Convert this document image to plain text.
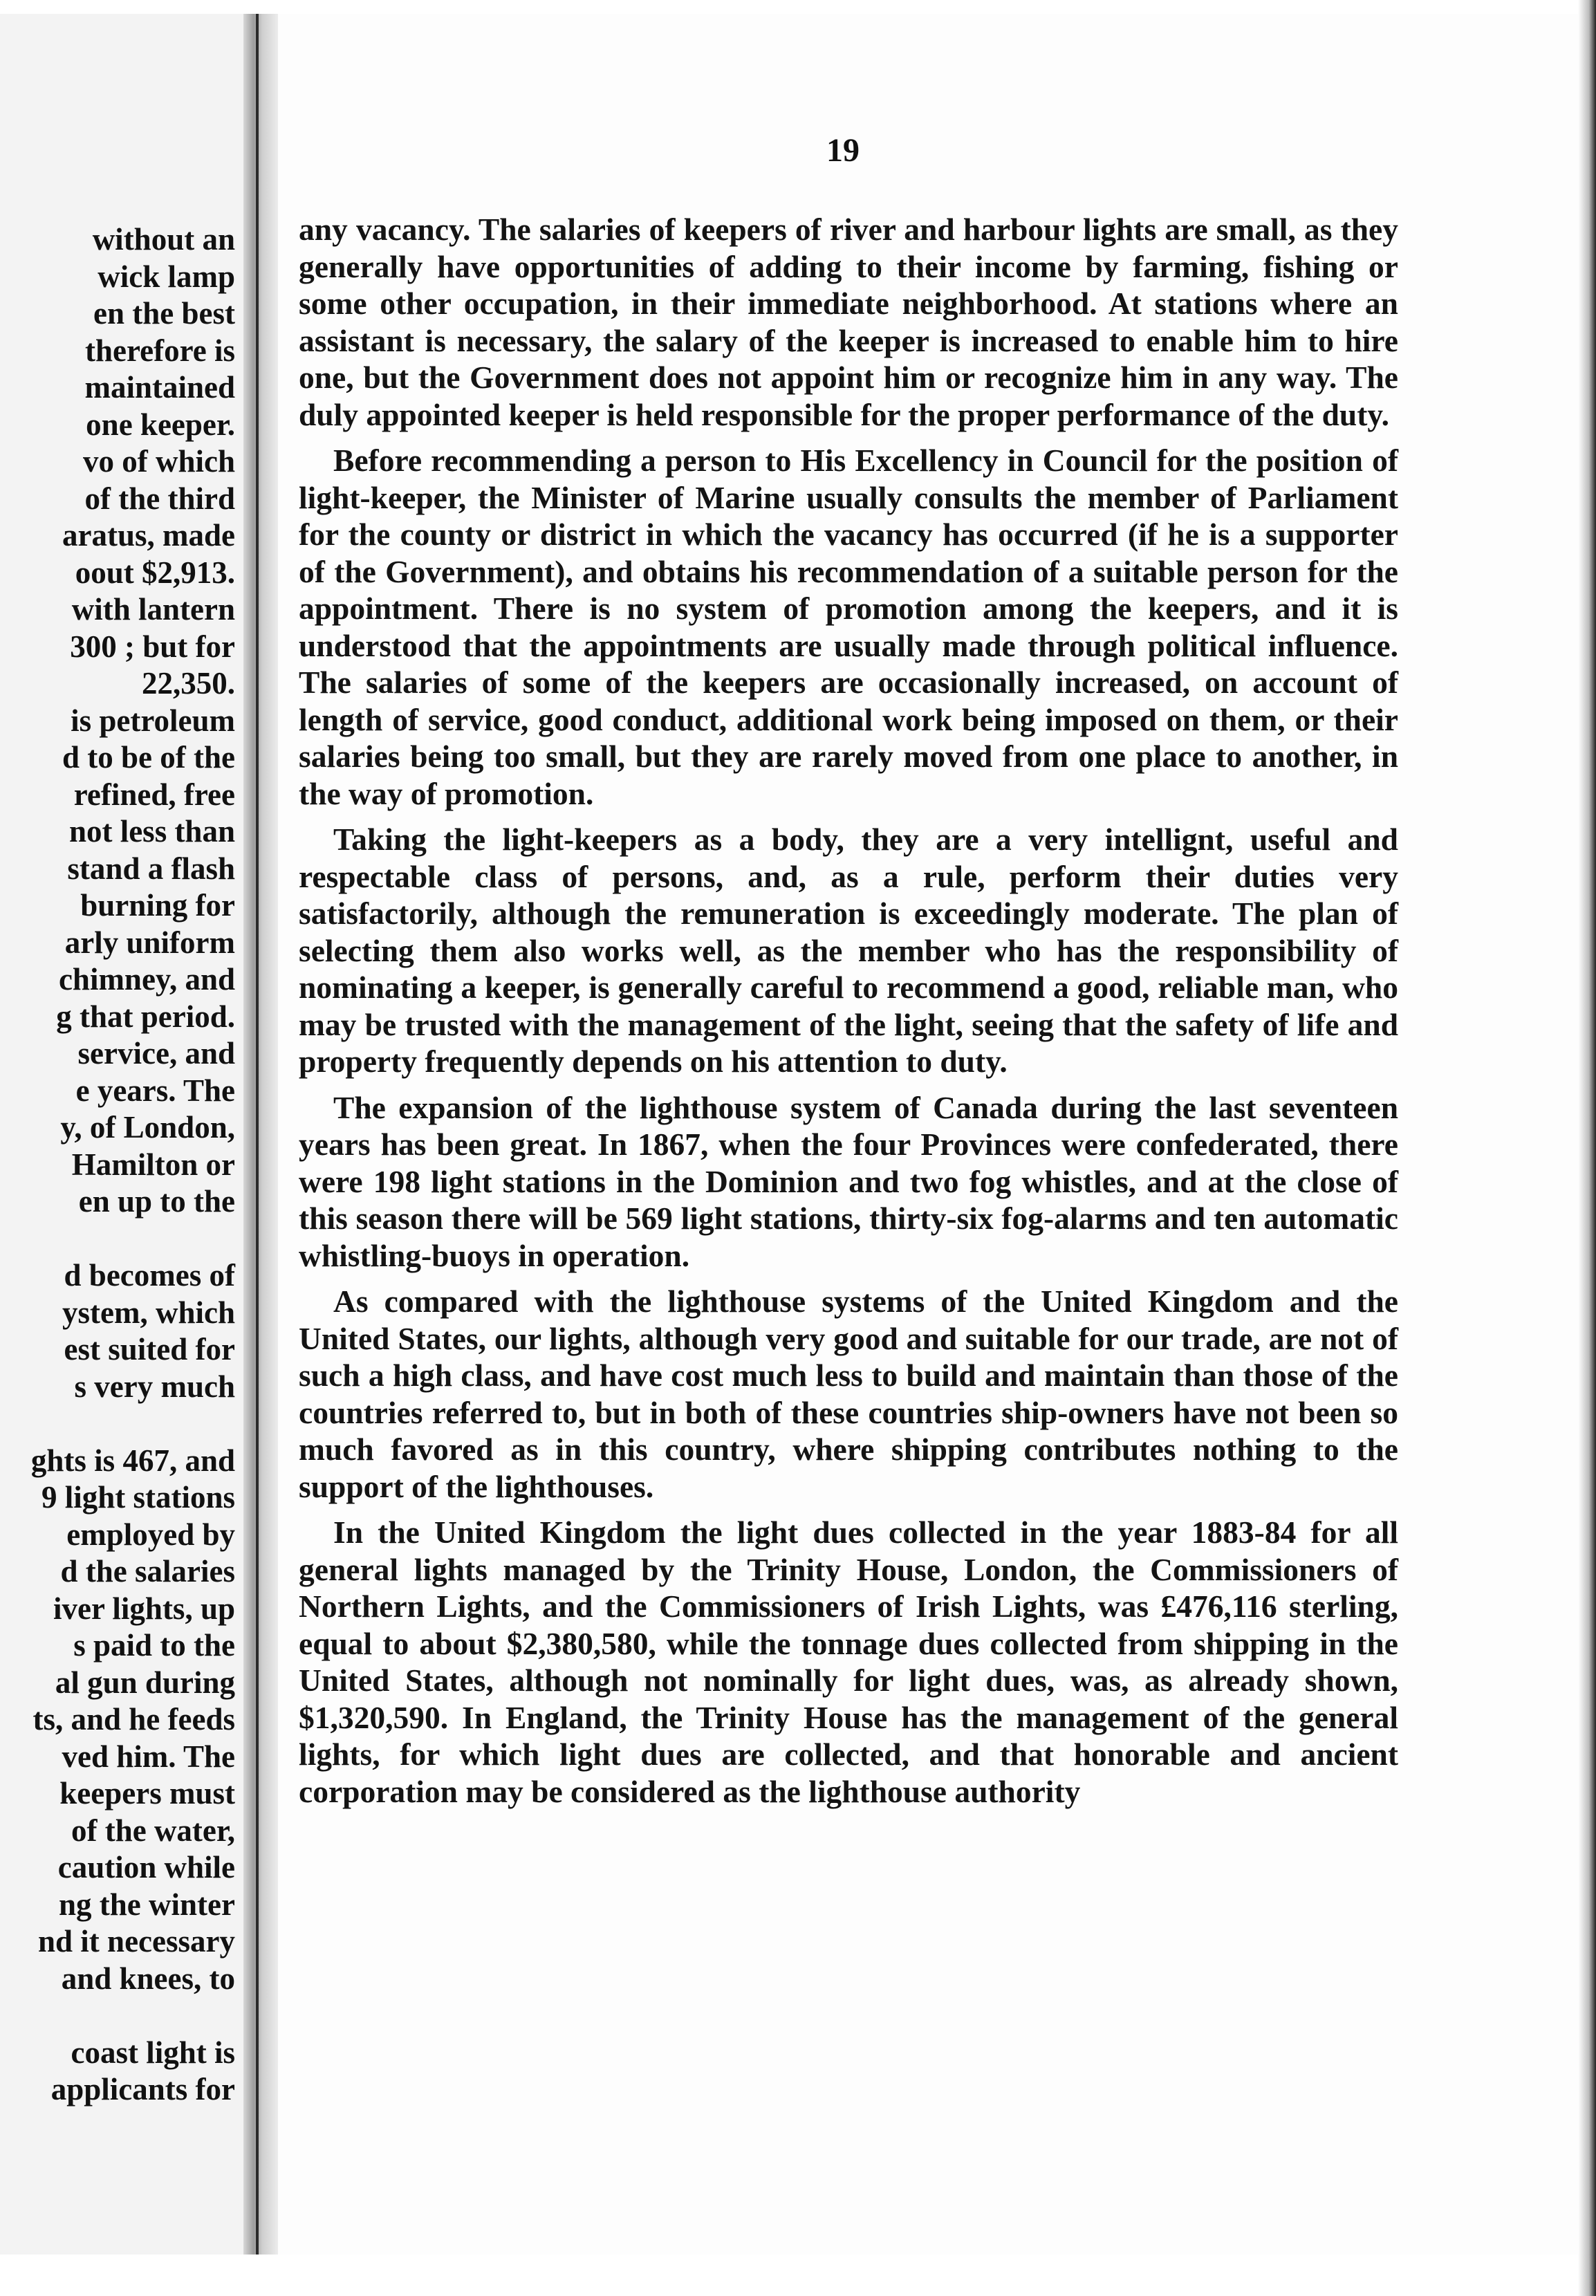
without an
wick lamp
en the best
therefore is
maintained
one keeper.
vo of which
of the third
aratus, made
oout $2,913.
with lantern
300 ; but for
22,350.
is petroleum
d to be of the
refined, free
not less than
stand a flash
burning for
arly uniform
chimney, and
g that period.
service, and
e years. The
y, of London,
Hamilton or
en up to the
d becomes of
ystem, which
est suited for
s very much
ghts is 467, and
9 light stations
employed by
d the salaries
iver lights, up
s paid to the
al gun during
ts, and he feeds
ved him. The
keepers must
of the water,
caution while
ng the winter
nd it necessary
and knees, to
coast light is
applicants for
19

any vacancy. The salaries of keepers of river and harbour lights are small, as they generally have opportunities of adding to their income by farming, fishing or some other occupation, in their immediate neighborhood. At stations where an assistant is necessary, the salary of the keeper is increased to enable him to hire one, but the Government does not appoint him or recognize him in any way. The duly appointed keeper is held responsible for the proper performance of the duty.

Before recommending a person to His Excellency in Council for the position of light-keeper, the Minister of Marine usually consults the member of Parliament for the county or district in which the vacancy has occurred (if he is a supporter of the Government), and obtains his recommendation of a suitable person for the appointment. There is no system of promotion among the keepers, and it is understood that the appointments are usually made through political influence. The salaries of some of the keepers are occasionally increased, on account of length of service, good conduct, additional work being imposed on them, or their salaries being too small, but they are rarely moved from one place to another, in the way of promotion.

Taking the light-keepers as a body, they are a very intellignt, useful and respectable class of persons, and, as a rule, perform their duties very satisfactorily, although the remuneration is exceedingly moderate. The plan of selecting them also works well, as the member who has the responsibility of nominating a keeper, is generally careful to recommend a good, reliable man, who may be trusted with the management of the light, seeing that the safety of life and property frequently depends on his attention to duty.

The expansion of the lighthouse system of Canada during the last seventeen years has been great. In 1867, when the four Provinces were confederated, there were 198 light stations in the Dominion and two fog whistles, and at the close of this season there will be 569 light stations, thirty-six fog-alarms and ten automatic whistling-buoys in operation.

As compared with the lighthouse systems of the United Kingdom and the United States, our lights, although very good and suitable for our trade, are not of such a high class, and have cost much less to build and maintain than those of the countries referred to, but in both of these countries ship-owners have not been so much favored as in this country, where shipping contributes nothing to the support of the lighthouses.

In the United Kingdom the light dues collected in the year 1883-84 for all general lights managed by the Trinity House, London, the Commissioners of Northern Lights, and the Commissioners of Irish Lights, was £476,116 sterling, equal to about $2,380,580, while the tonnage dues collected from shipping in the United States, although not nominally for light dues, was, as already shown, $1,320,590. In England, the Trinity House has the management of the general lights, for which light dues are collected, and that honorable and ancient corporation may be considered as the lighthouse authority
